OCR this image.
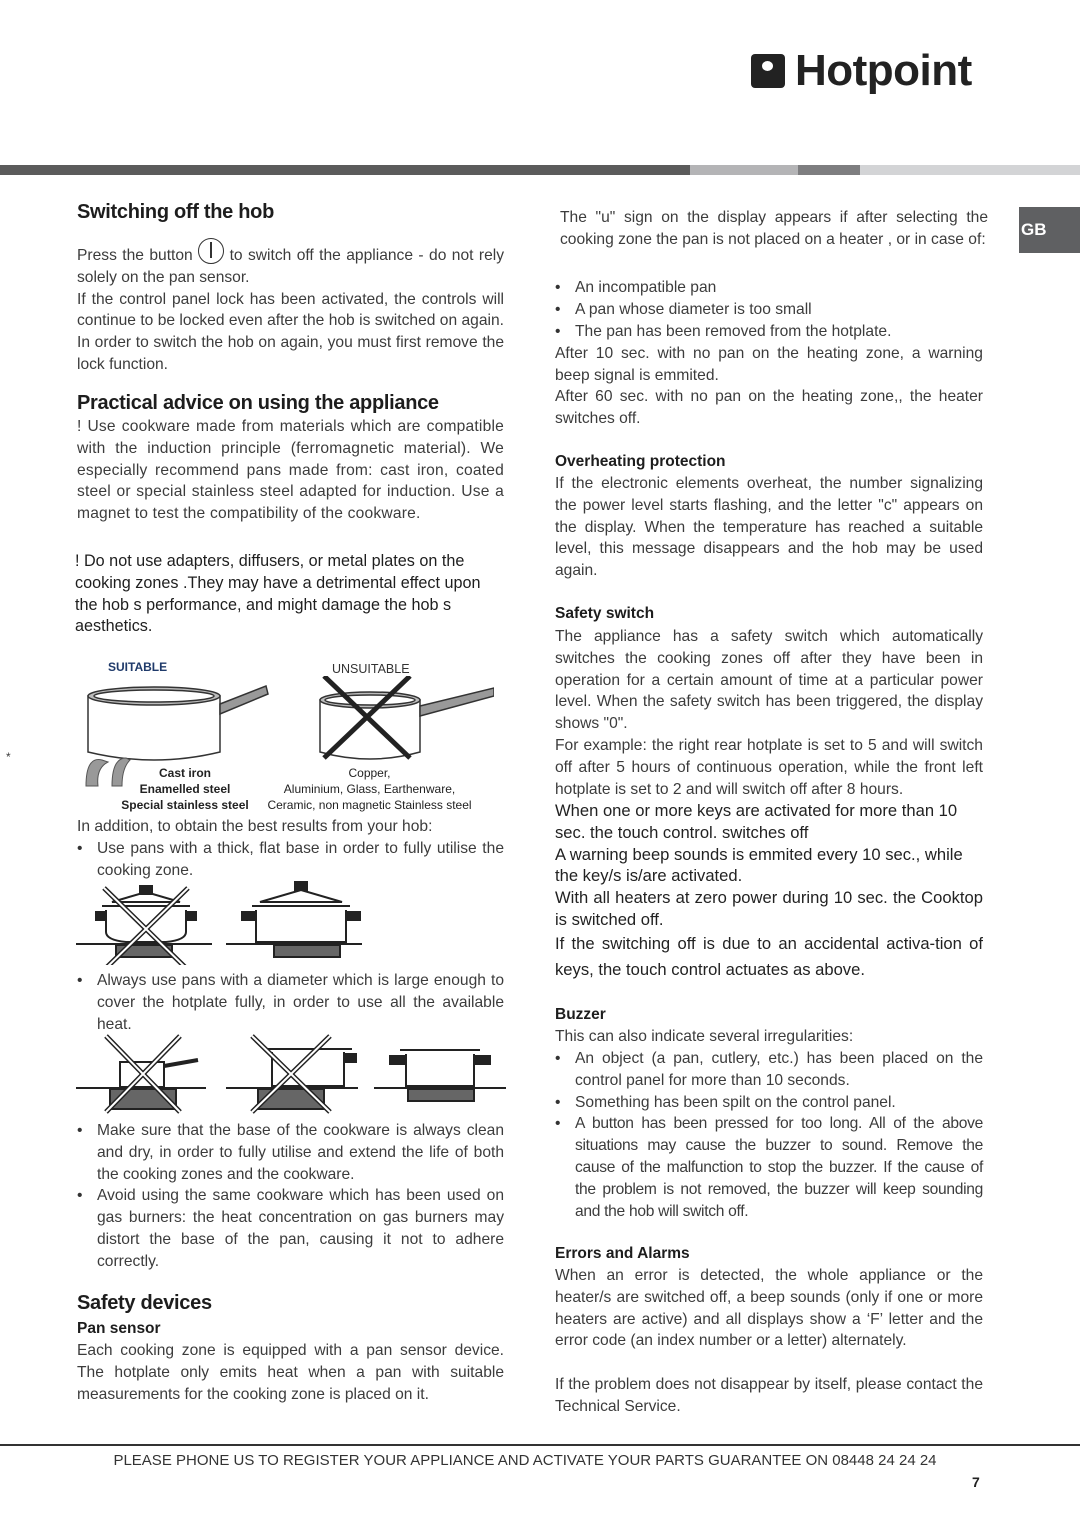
Hotpoint
GB
Switching off the hob

Press the button to switch off the appliance - do not rely solely on the pan sensor.

If the control panel lock has been activated, the controls will continue to be locked even after the hob is switched on again. In order to switch the hob on again, you must first remove the lock function.

Practical advice on using the appliance

! Use cookware made from materials which are compatible with the induction principle (ferromagnetic material). We especially recommend pans made from: cast iron, coated steel or special stainless steel adapted for induction. Use a magnet to test the compatibility of the cookware.

! Do not use adapters, diffusers, or metal plates on the cooking zones .They may have a detrimental effect upon the hob s performance, and might damage the hob s aesthetics.

SUITABLE	UNSUITABLE
*
Cast iron
Enamelled steel
Special stainless steel
Copper,
Aluminium, Glass, Earthenware,
Ceramic, non magnetic Stainless steel

In addition, to obtain the best results from your hob:

• Use pans with a thick, flat base in order to fully utilise the cooking zone.
• Always use pans with a diameter which is large enough to cover the hotplate fully, in order to use all the available heat.
• Make sure that the base of the cookware is always clean and dry, in order to fully utilise and extend the life of both the cooking zones and the cookware.
• Avoid using the same cookware which has been used on gas burners: the heat concentration on gas burners may distort the base of the pan, causing it not to adhere correctly.
Safety devices
Pan sensor

Each cooking zone is equipped with a pan sensor device. The hotplate only emits heat when a pan with suitable measurements for the cooking zone is placed on it.

The "u" sign on the display appears if after selecting the cooking zone the pan is not placed on a heater , or in case of:

• An incompatible pan
• A pan whose diameter is too small
• The pan has been removed from the hotplate.

After 10 sec. with no pan on the heating zone, a warning beep signal is emmited.

After 60 sec. with no pan on the heating zone,, the heater switches off.

Overheating protection

If the electronic elements overheat, the number signalizing the power level starts flashing, and the letter "c" appears on the display. When the temperature has reached a suitable level, this message disappears and the hob may be used again.

Safety switch

The appliance has a safety switch which automatically switches the cooking zones off after they have been in operation for a certain amount of time at a particular power level. When the safety switch has been triggered, the display shows "0".

For example: the right rear hotplate is set to 5 and will switch off after 5 hours of continuous operation, while the front left hotplate is set to 2 and will switch off after 8 hours.

When one or more keys are activated for more than 10 sec. the touch control. switches off

A warning beep sounds is emmited every 10 sec., while the key/s is/are activated.

With all heaters at zero power during 10 sec. the Cooktop is switched off.

If the switching off is due to an accidental activa-tion of keys, the touch control actuates as above.

Buzzer

This can also indicate several irregularities:

• An object (a pan, cutlery, etc.) has been placed on the control panel for more than 10 seconds.
• Something has been spilt on the control panel.
• A button has been pressed for too long. All of the above situations may cause the buzzer to sound. Remove the cause of the malfunction to stop the buzzer. If the cause of the problem is not removed, the buzzer will keep sounding and the hob will switch off.
Errors and Alarms

When an error is detected, the whole appliance or the heater/s are switched off, a beep sounds (only if one or more heaters are active) and all displays show a ‘F’ letter and the error code (an index number or a letter) alternately.

If the problem does not disappear by itself, please contact the Technical Service.

PLEASE PHONE US TO REGISTER YOUR APPLIANCE AND ACTIVATE YOUR PARTS GUARANTEE ON 08448 24 24 24
7
